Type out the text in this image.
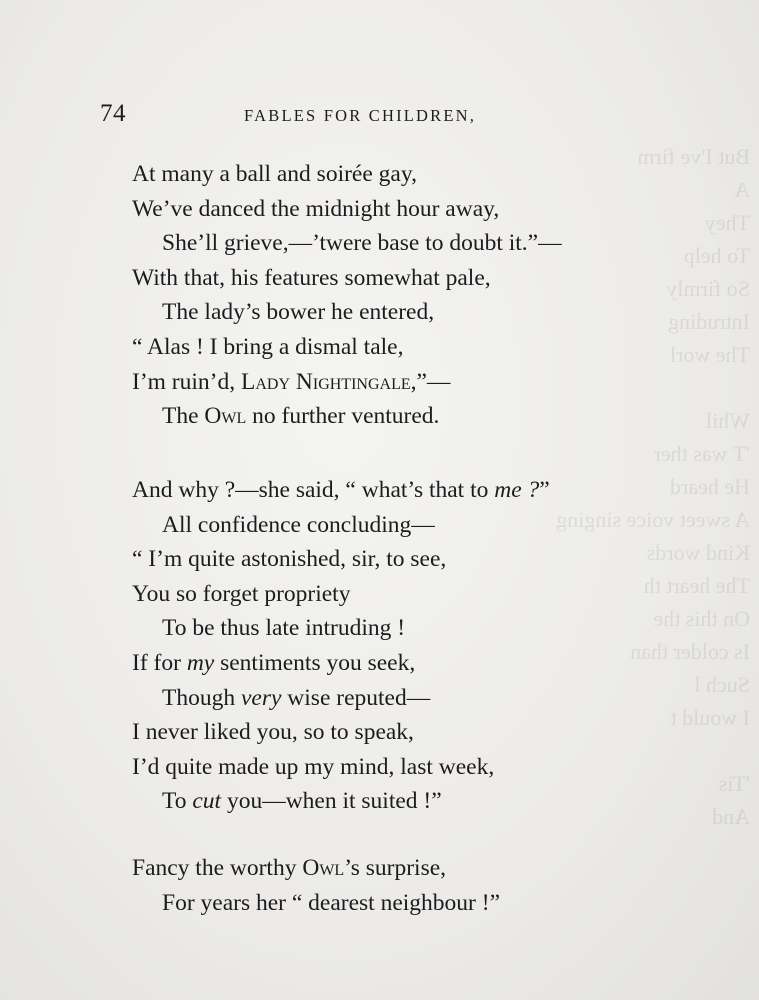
But I've firm
A
They
To help
So firmly
Intruding
The worl

Whil
'T was ther
He heard
A sweet voice singing
Kind words
The heart th
On this the
Is colder than
Such l
I would t

'Tis
And
74	FABLES FOR CHILDREN,
At many a ball and soirée gay,
We’ve danced the midnight hour away,
She’ll grieve,—’twere base to doubt it.”—
With that, his features somewhat pale,
The lady’s bower he entered,
“ Alas ! I bring a dismal tale,
I’m ruin’d, Lady Nightingale,”—
The Owl no further ventured.
And why ?—she said, “ what’s that to me ?”
All confidence concluding—
“ I’m quite astonished, sir, to see,
You so forget propriety
To be thus late intruding !
If for my sentiments you seek,
Though very wise reputed—
I never liked you, so to speak,
I’d quite made up my mind, last week,
To cut you—when it suited !”
Fancy the worthy Owl’s surprise,
For years her “ dearest neighbour !”
